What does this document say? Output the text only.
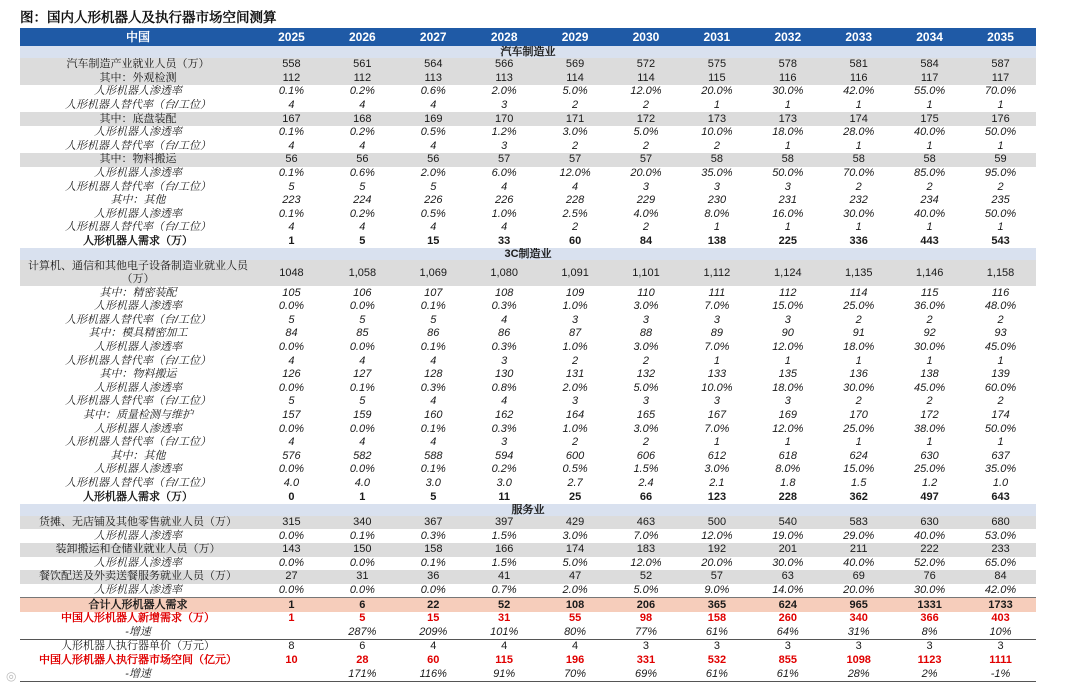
图：国内人形机器人及执行器市场空间测算
中国	2025	2026	2027	2028	2029	2030	2031	2032	2033	2034	2035
汽车制造业											
汽车制造产业就业人员（万）	558	561	564	566	569	572	575	578	581	584	587
其中：外观检测	112	112	113	113	114	114	115	116	116	117	117
人形机器人渗透率	0.1%	0.2%	0.6%	2.0%	5.0%	12.0%	20.0%	30.0%	42.0%	55.0%	70.0%
人形机器人替代率（台/工位）	4	4	4	3	2	2	1	1	1	1	1
其中：底盘装配	167	168	169	170	171	172	173	173	174	175	176
人形机器人渗透率	0.1%	0.2%	0.5%	1.2%	3.0%	5.0%	10.0%	18.0%	28.0%	40.0%	50.0%
人形机器人替代率（台/工位）	4	4	4	3	2	2	2	1	1	1	1
其中：物料搬运	56	56	56	57	57	57	58	58	58	58	59
人形机器人渗透率	0.1%	0.6%	2.0%	6.0%	12.0%	20.0%	35.0%	50.0%	70.0%	85.0%	95.0%
人形机器人替代率（台/工位）	5	5	5	4	4	3	3	3	2	2	2
其中：其他	223	224	226	226	228	229	230	231	232	234	235
人形机器人渗透率	0.1%	0.2%	0.5%	1.0%	2.5%	4.0%	8.0%	16.0%	30.0%	40.0%	50.0%
人形机器人替代率（台/工位）	4	4	4	4	2	2	1	1	1	1	1
人形机器人需求（万）	1	5	15	33	60	84	138	225	336	443	543
3C制造业											
计算机、通信和其他电子设备制造业就业人员（万）	1048	1,058	1,069	1,080	1,091	1,101	1,112	1,124	1,135	1,146	1,158
其中：精密装配	105	106	107	108	109	110	111	112	114	115	116
人形机器人渗透率	0.0%	0.0%	0.1%	0.3%	1.0%	3.0%	7.0%	15.0%	25.0%	36.0%	48.0%
人形机器人替代率（台/工位）	5	5	5	4	3	3	3	3	2	2	2
其中：模具精密加工	84	85	86	86	87	88	89	90	91	92	93
人形机器人渗透率	0.0%	0.0%	0.1%	0.3%	1.0%	3.0%	7.0%	12.0%	18.0%	30.0%	45.0%
人形机器人替代率（台/工位）	4	4	4	3	2	2	1	1	1	1	1
其中：物料搬运	126	127	128	130	131	132	133	135	136	138	139
人形机器人渗透率	0.0%	0.1%	0.3%	0.8%	2.0%	5.0%	10.0%	18.0%	30.0%	45.0%	60.0%
人形机器人替代率（台/工位）	5	5	4	4	3	3	3	3	2	2	2
其中：质量检测与维护	157	159	160	162	164	165	167	169	170	172	174
人形机器人渗透率	0.0%	0.0%	0.1%	0.3%	1.0%	3.0%	7.0%	12.0%	25.0%	38.0%	50.0%
人形机器人替代率（台/工位）	4	4	4	3	2	2	1	1	1	1	1
其中：其他	576	582	588	594	600	606	612	618	624	630	637
人形机器人渗透率	0.0%	0.0%	0.1%	0.2%	0.5%	1.5%	3.0%	8.0%	15.0%	25.0%	35.0%
人形机器人替代率（台/工位）	4.0	4.0	3.0	3.0	2.7	2.4	2.1	1.8	1.5	1.2	1.0
人形机器人需求（万）	0	1	5	11	25	66	123	228	362	497	643
服务业											
货摊、无店铺及其他零售就业人员（万）	315	340	367	397	429	463	500	540	583	630	680
人形机器人渗透率	0.0%	0.1%	0.3%	1.5%	3.0%	7.0%	12.0%	19.0%	29.0%	40.0%	53.0%
装卸搬运和仓储业就业人员（万）	143	150	158	166	174	183	192	201	211	222	233
人形机器人渗透率	0.0%	0.0%	0.1%	1.5%	5.0%	12.0%	20.0%	30.0%	40.0%	52.0%	65.0%
餐饮配送及外卖送餐服务就业人员（万）	27	31	36	41	47	52	57	63	69	76	84
人形机器人渗透率	0.0%	0.0%	0.0%	0.7%	2.0%	5.0%	9.0%	14.0%	20.0%	30.0%	42.0%
合计人形机器人需求	1	6	22	52	108	206	365	624	965	1331	1733
中国人形机器人新增需求（万）	1	5	15	31	55	98	158	260	340	366	403
-增速		287%	209%	101%	80%	77%	61%	64%	31%	8%	10%
人形机器人执行器单价（万元）	8	6	4	4	4	3	3	3	3	3	3
中国人形机器人执行器市场空间（亿元）	10	28	60	115	196	331	532	855	1098	1123	1111
-增速		171%	116%	91%	70%	69%	61%	61%	28%	2%	-1%
◎
